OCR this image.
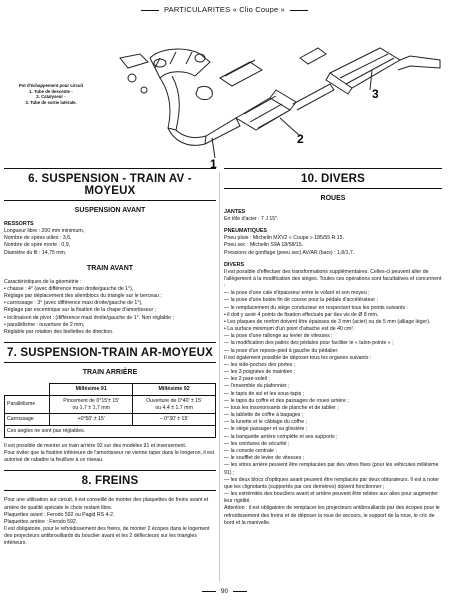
PARTICULARITES « Clio Coupe »
1
2
3
Pot d'échappement pour circuit
1. Tube de descente -
2. Catalyseur -
3. Tube de sortie latérale.
6. SUSPENSION - TRAIN AV - MOYEUX
SUSPENSION AVANT
RESSORTS
Longueur libre : 200 mm minimum,
Nombre de spires utiles : 3,6,
Nombre de spire morte : 0,9,
Diamètre du fil : 14,75 mm.
TRAIN AVANT
Caractéristiques de la géométrie :
• chasse : 4° (avec différence maxi droite/gauche de 1°),
Réglage par déplacement des silentblocs du triangle sur le berceau ;
• carrossage : 3° (avec différence maxi droite/gauche de 1°),
Réglage par excentrique sur la fixation de la chape d'amortisseur ;
• inclinaison de pivot : (différence maxi droite/gauche de 1°. Non réglable ;
• parallélisme : ouverture de 2 mm,
Réglable par rotation des biellettes de direction.
7. SUSPENSION-TRAIN AR-MOYEUX
TRAIN ARRIÈRE
	Millésime 91	Millésime 92
Parallélisme	Pincement de 0°15'± 15'
ou 1,7 ± 1,7 mm	Ouverture de 0°40' ± 15'
ou 4,4 ± 1,7 mm
Carrossage	+0°50' ± 15'	– 0°30' ± 15'
Ces angles ne sont pas réglables.		
Il est possible de monter un train arrière 92 sur des modèles 91 et inversement.
Pour éviter que la fixation inférieure de l'amortisseur ne vienne taper dans le longeron, il est autorisé de rabattre la feuillure à ce niveau.
8. FREINS
Pour une utilisation sur circuit, il est conseillé de monter des plaquettes de freins avant et arrière de qualité spéciale le choix restant libre.
Plaquettes avant : Ferodo 592 ou Pagid RS 4-2.
Plaquettes arrière : Ferodo 592.
Il est obligatoire, pour le refroidissement des freins, de monter 2 écopes dans le logement des projecteurs antibrouillards du bouclier avant et les 2 déflecteurs sur les triangles inférieurs.
10. DIVERS
ROUES
JANTES
En tôle d'acier : 7 J 15".
PNEUMATIQUES
Pneu pluie : Michelin MXV2 « Coupe » 185/55 R 15.
Pneu sec : Michelin S9A 18/58/15.
Pressions de gonflage (pneu sec) AV/AR (bars) : 1,8/1,7.
DIVERS
Il est possible d'effectuer des transformations supplémentaires. Celles-ci peuvent aller de l'allègement à la modification des sièges. Toutes ces opérations sont facultatives et concernent :
— la pose d'une cale d'épaisseur entre le volant et son moyeu ;
— la pose d'une butée fin de course pour la pédale d'accélérateur ;
— le remplacement du siège conducteur en respectant tous les points suivants :
• il doit y avoir 4 points de fixation effectués par des vis de Ø 8 mm.
• Les plaques de renfort doivent être épaisses de 3 mm (acier) ou de 5 mm (alliage léger).
• La surface minimum d'un point d'attache est de 40 cm².
— la pose d'une rallonge au levier de vitesses ;
— la modification des patins des pédales pour faciliter le « talon-pointe » ;
— la pose d'un repose-pied à gauche du pédalier.
Il est également possible de déposer tous les organes suivants :
— les vide-poches des portes ;
— les 3 poignées de maintien ;
— les 2 pare-soleil ;
— l'ensemble du plafonnier ;
— le tapis de sol et les sous-tapis ;
— le tapis du coffre et des passages de roues arrière ;
— tous les insonorisants de planche et de tablier ;
— la tablette de coffre à bagages ;
— la lunette et le câblage du coffre ;
— le siège passager et sa glissière ;
— la banquette arrière complète et ses supports ;
— les ceintures de sécurité ;
— la console centrale ;
— le soufflet de levier de vitesses ;
— les vitres arrière peuvent être remplacées par des vitres fixes (pour les véhicules millésime 91) ;
— les deux blocs d'optiques avant peuvent être remplacés par deux obturateurs. Il est à noter que les clignotants (supportés par ces dernières) doivent fonctionner ;
— les extrémités des boucliers avant et arrière peuvent être reliées aux ailes pour augmenter leur rigidité.
Attention : il est obligatoire de remplacer les projecteurs antibrouillards par des écopes pour le refroidissement des freins et de déposer la roue de secours, le support de la roue, le cric de bord et la manivelle.
90
